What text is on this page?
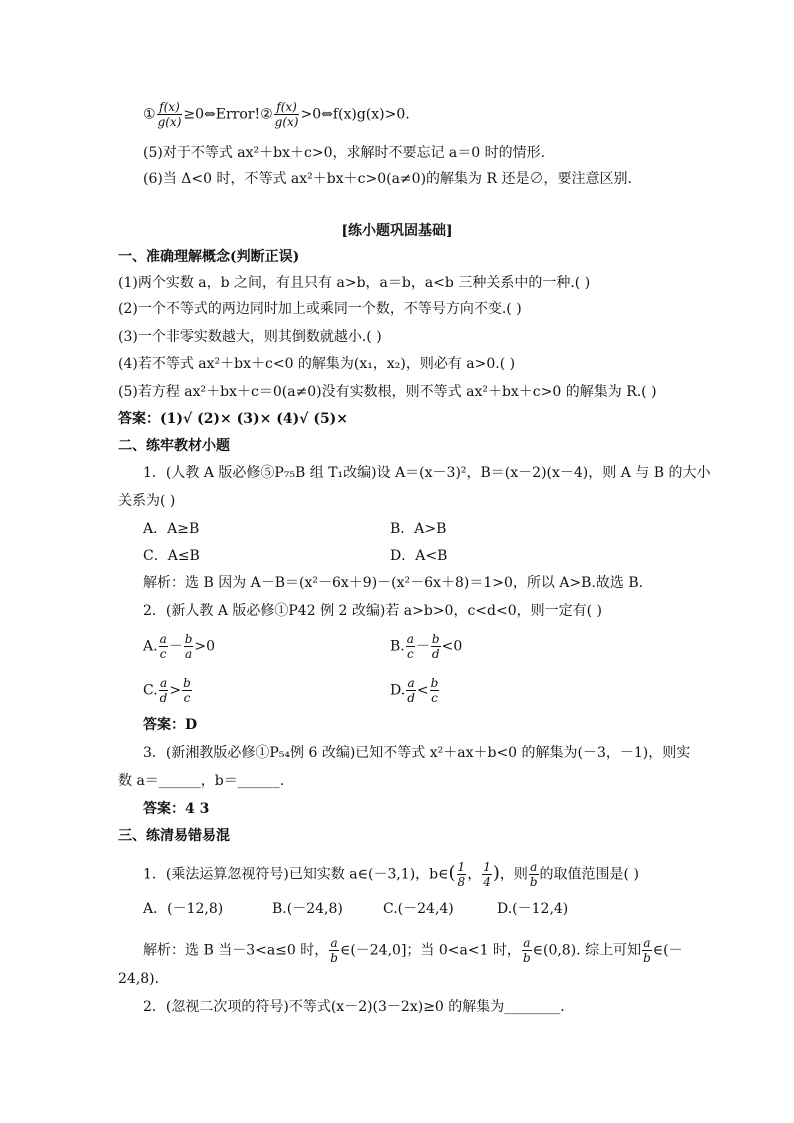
① $\frac{f(x)}{g(x)}$ ≥0⇔Error!② $\frac{f(x)}{g(x)}$ >0⇔f(x)g(x)>0.
(5)对于不等式 ax²＋bx＋c>0，求解时不要忘记 a＝0 时的情形.
(6)当 Δ<0 时，不等式 ax²＋bx＋c>0(a≠0)的解集为 R 还是∅，要注意区别.
[练小题巩固基础]
一、准确理解概念(判断正误)
(1)两个实数 a，b 之间，有且只有 a>b，a＝b，a<b 三种关系中的一种.( )
(2)一个不等式的两边同时加上或乘同一个数，不等号方向不变.( )
(3)一个非零实数越大，则其倒数就越小.( )
(4)若不等式 ax²＋bx＋c<0 的解集为(x₁，x₂)，则必有 a>0.( )
(5)若方程 ax²＋bx＋c＝0(a≠0)没有实数根，则不等式 ax²＋bx＋c>0 的解集为 R.( )
答案：(1)√ (2)× (3)× (4)√ (5)×
二、练牢教材小题
1．(人教 A 版必修⑤P₇₅B 组 T₁改编)设 A＝(x－3)²，B＝(x－2)(x－4)，则 A 与 B 的大小
关系为( )
A．A≥B	B．A>B
C．A≤B	D．A<B
解析：选 B 因为 A－B＝(x²－6x＋9)－(x²－6x＋8)＝1>0，所以 A>B.故选 B.
2．(新人教 A 版必修①P42 例 2 改编)若 a>b>0，c<d<0，则一定有( )
A. $\frac{a}{c} - \frac{b}{a} >0$	B. $\frac{a}{c} - \frac{b}{d} <0$
C. $\frac{a}{d} > \frac{b}{c}$	D. $\frac{a}{d} < \frac{b}{c}$
答案：D
3．(新湘教版必修①P₅₄例 6 改编)已知不等式 x²＋ax＋b<0 的解集为(－3，－1)，则实
数 a＝______，b＝______.
答案：4 3
三、练清易错易混
1．(乘法运算忽视符号)已知实数 a∈(－3,1)，b∈( $\frac{1}{8}$ ， $\frac{1}{4}$ )，则 $\frac{a}{b}$ 的取值范围是( )
A．(－12,8)	B.(－24,8)	C.(－24,4)	D.(－12,4)
解析：选 B 当－3<a≤0 时， $\frac{a}{b}$ ∈(－24,0]；当 0<a<1 时， $\frac{a}{b}$ ∈(0,8). 综上可知 $\frac{a}{b}$ ∈(－
24,8).
2．(忽视二次项的符号)不等式(x－2)(3－2x)≥0 的解集为________.
